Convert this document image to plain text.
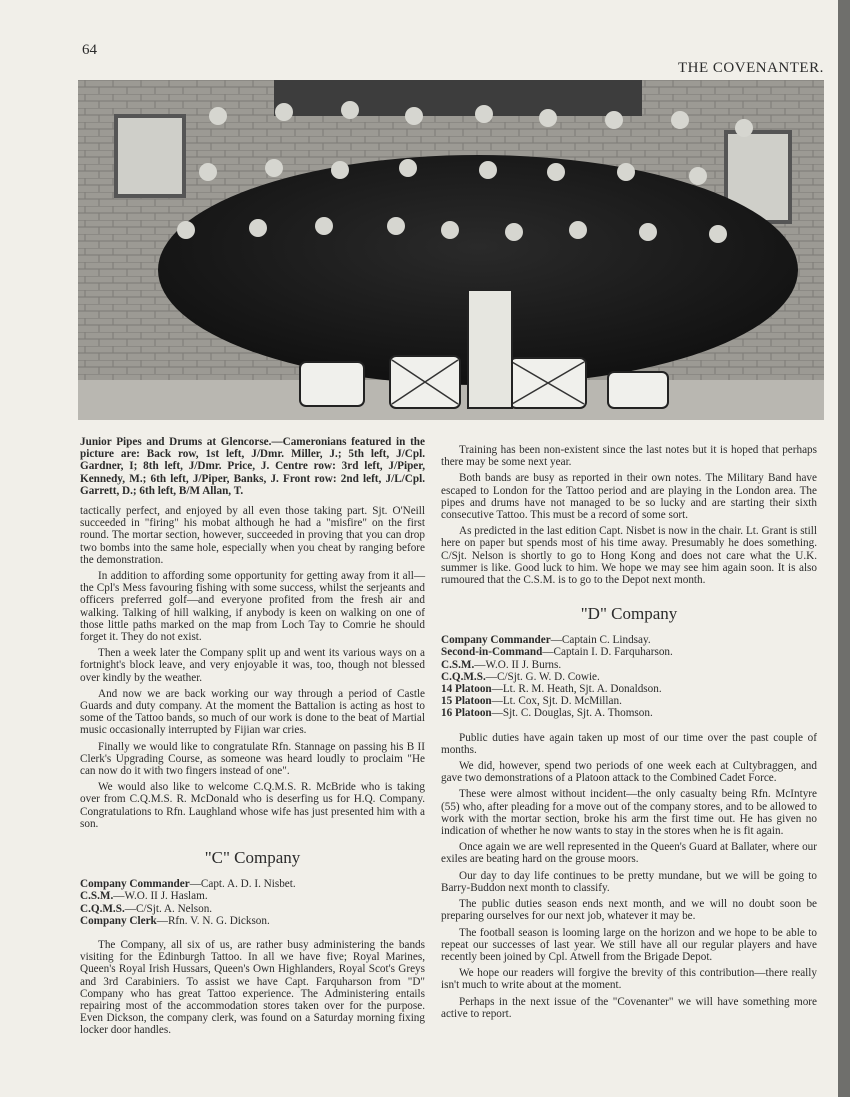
64
THE COVENANTER.
Junior Pipes and Drums at Glencorse.—Cameronians featured in the picture are: Back row, 1st left, J/Dmr. Miller, J.; 5th left, J/Cpl. Gardner, I; 8th left, J/Dmr. Price, J. Centre row: 3rd left, J/Piper, Kennedy, M.; 6th left, J/Piper, Banks, J. Front row: 2nd left, J/L/Cpl. Garrett, D.; 6th left, B/M Allan, T.

tactically perfect, and enjoyed by all even those taking part. Sjt. O'Neill succeeded in "firing" his mobat although he had a "misfire" on the first round. The mortar section, however, succeeded in proving that you can drop two bombs into the same hole, especially when you cheat by ranging before the demonstration.

In addition to affording some opportunity for getting away from it all—the Cpl's Mess favouring fishing with some success, whilst the serjeants and officers preferred golf—and everyone profited from the fresh air and walking. Talking of hill walking, if anybody is keen on walking on one of those little paths marked on the map from Loch Tay to Comrie he should forget it. They do not exist.

Then a week later the Company split up and went its various ways on a fortnight's block leave, and very enjoyable it was, too, though not blessed over kindly by the weather.

And now we are back working our way through a period of Castle Guards and duty company. At the moment the Battalion is acting as host to some of the Tattoo bands, so much of our work is done to the beat of Martial music occasionally interrupted by Fijian war cries.

Finally we would like to congratulate Rfn. Stannage on passing his B II Clerk's Upgrading Course, as someone was heard loudly to proclaim "He can now do it with two fingers instead of one".

We would also like to welcome C.Q.M.S. R. McBride who is taking over from C.Q.M.S. R. McDonald who is deserfing us for H.Q. Company. Congratulations to Rfn. Laughland whose wife has just presented him with a son.

"C" Company
Company Commander—Capt. A. D. I. Nisbet.
C.S.M.—W.O. II J. Haslam.
C.Q.M.S.—C/Sjt. A. Nelson.
Company Clerk—Rfn. V. N. G. Dickson.

The Company, all six of us, are rather busy administering the bands visiting for the Edinburgh Tattoo. In all we have five; Royal Marines, Queen's Royal Irish Hussars, Queen's Own Highlanders, Royal Scot's Greys and 3rd Carabiniers. To assist we have Capt. Farquharson from "D" Company who has great Tattoo experience. The Administering entails repairing most of the accommodation stores taken over for the purpose. Even Dickson, the company clerk, was found on a Saturday morning fixing locker door handles.

Training has been non-existent since the last notes but it is hoped that perhaps there may be some next year.

Both bands are busy as reported in their own notes. The Military Band have escaped to London for the Tattoo period and are playing in the London area. The pipes and drums have not managed to be so lucky and are starting their sixth consecutive Tattoo. This must be a record of some sort.

As predicted in the last edition Capt. Nisbet is now in the chair. Lt. Grant is still here on paper but spends most of his time away. Presumably he does something. C/Sjt. Nelson is shortly to go to Hong Kong and does not care what the U.K. summer is like. Good luck to him. We hope we may see him again soon. It is also rumoured that the C.S.M. is to go to the Depot next month.

"D" Company
Company Commander—Captain C. Lindsay.
Second-in-Command—Captain I. D. Farquharson.
C.S.M.—W.O. II J. Burns.
C.Q.M.S.—C/Sjt. G. W. D. Cowie.
14 Platoon—Lt. R. M. Heath, Sjt. A. Donaldson.
15 Platoon—Lt. Cox, Sjt. D. McMillan.
16 Platoon—Sjt. C. Douglas, Sjt. A. Thomson.

Public duties have again taken up most of our time over the past couple of months.

We did, however, spend two periods of one week each at Cultybraggen, and gave two demonstrations of a Platoon attack to the Combined Cadet Force.

These were almost without incident—the only casualty being Rfn. McIntyre (55) who, after pleading for a move out of the company stores, and to be allowed to work with the mortar section, broke his arm the first time out. He has given no indication of whether he now wants to stay in the stores when he is fit again.

Once again we are well represented in the Queen's Guard at Ballater, where our exiles are beating hard on the grouse moors.

Our day to day life continues to be pretty mundane, but we will be going to Barry-Buddon next month to classify.

The public duties season ends next month, and we will no doubt soon be preparing ourselves for our next job, whatever it may be.

The football season is looming large on the horizon and we hope to be able to repeat our successes of last year. We still have all our regular players and have recently been joined by Cpl. Atwell from the Brigade Depot.

We hope our readers will forgive the brevity of this contribution—there really isn't much to write about at the moment.

Perhaps in the next issue of the "Covenanter" we will have something more active to report.
